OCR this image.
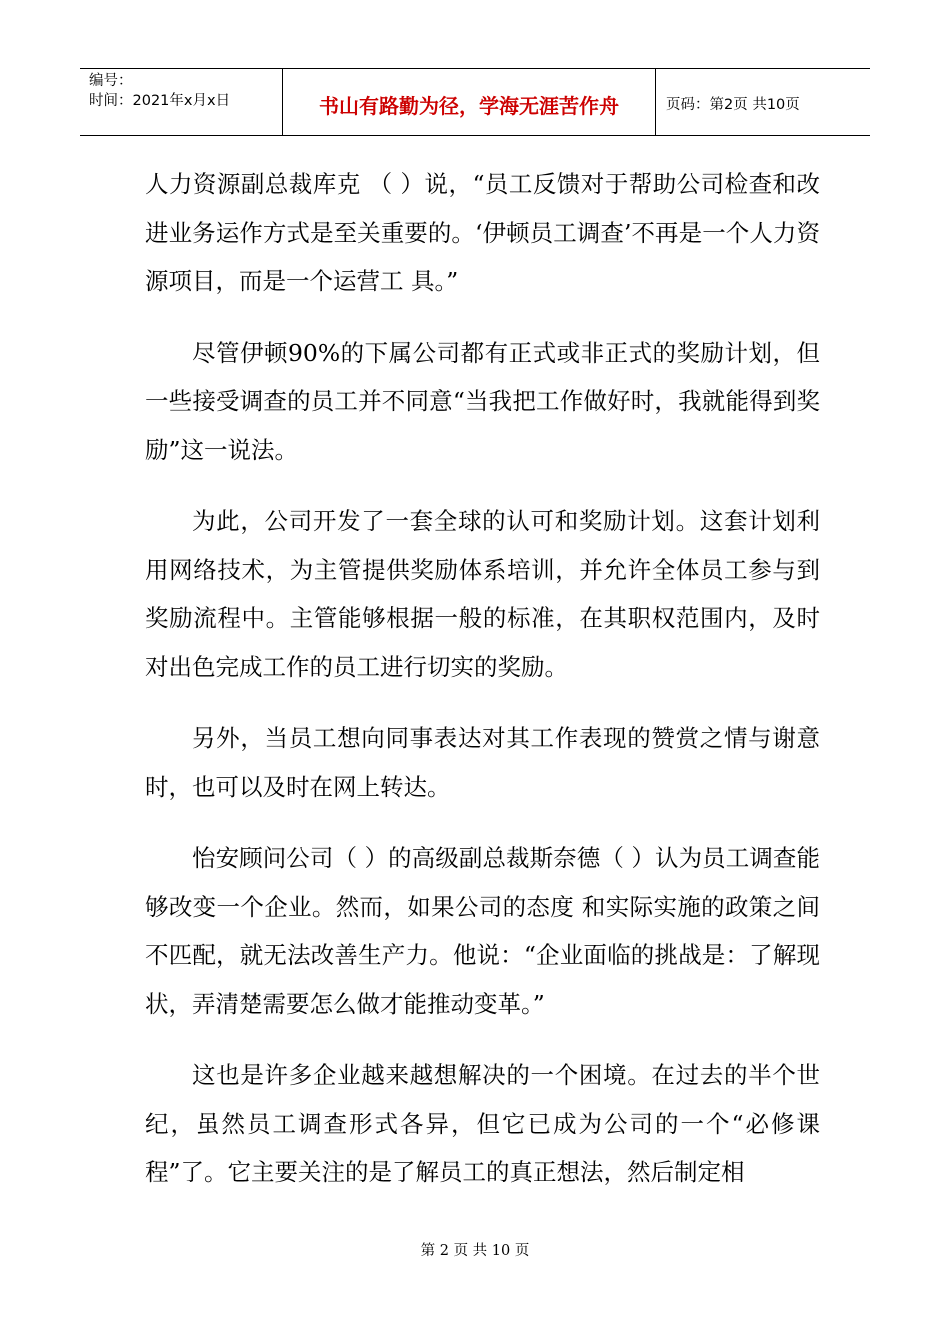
编号：
时间：2021年x月x日	书山有路勤为径，学海无涯苦作舟	页码：第2页 共10页

人力资源副总裁库克 （ ）说，“员工反馈对于帮助公司检查和改进业务运作方式是至关重要的。‘伊顿员工调查’不再是一个人力资源项目，而是一个运营工 具。”

尽管伊顿90%的下属公司都有正式或非正式的奖励计划，但一些接受调查的员工并不同意“当我把工作做好时，我就能得到奖励”这一说法。

为此，公司开发了一套全球的认可和奖励计划。这套计划利用网络技术，为主管提供奖励体系培训，并允许全体员工参与到奖励流程中。主管能够根据一般的标准，在其职权范围内，及时对出色完成工作的员工进行切实的奖励。

另外，当员工想向同事表达对其工作表现的赞赏之情与谢意时，也可以及时在网上转达。

怡安顾问公司（ ）的高级副总裁斯奈德（ ）认为员工调查能够改变一个企业。然而，如果公司的态度 和实际实施的政策之间不匹配，就无法改善生产力。他说：“企业面临的挑战是：了解现状，弄清楚需要怎么做才能推动变革。”

这也是许多企业越来越想解决的一个困境。在过去的半个世纪，虽然员工调查形式各异，但它已成为公司的一个“必修课程”了。它主要关注的是了解员工的真正想法，然后制定相

第 2 页 共 10 页
